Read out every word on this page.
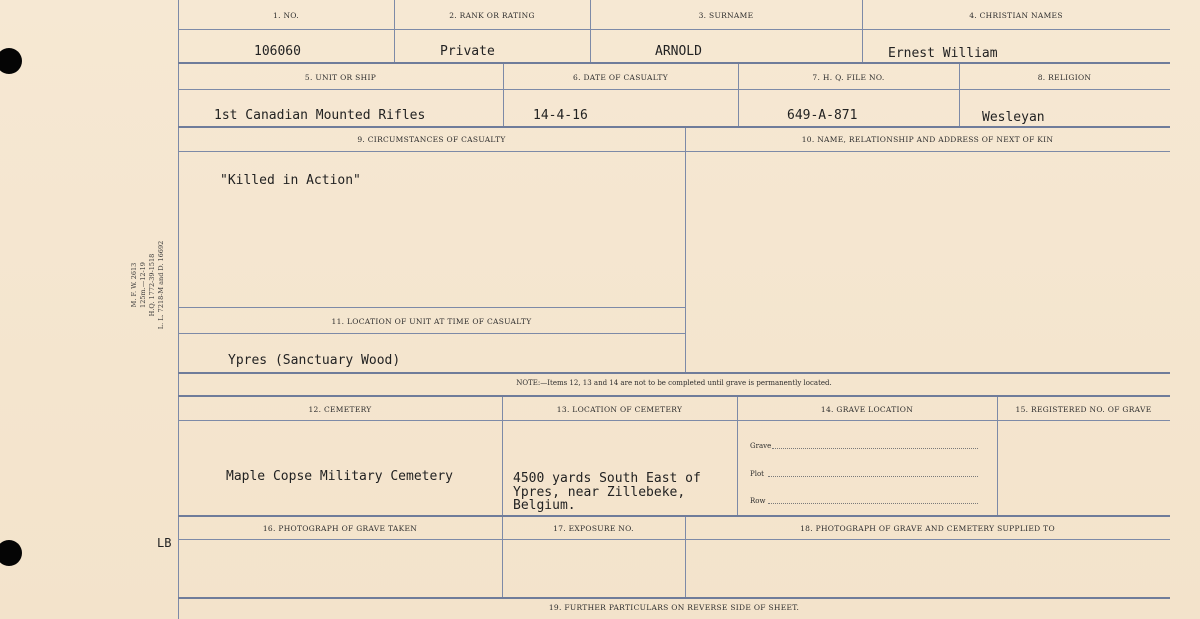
M. F. W. 2613 125m.—12-19 H.Q. 1772-39-1518 L. L. 7218-M and D. 16692
LB
1. NO.	2. RANK OR RATING	3. SURNAME	4. CHRISTIAN NAMES
106060	Private	ARNOLD	Ernest William
5. UNIT OR SHIP	6. DATE OF CASUALTY	7. H. Q. FILE NO.	8. RELIGION
1st Canadian Mounted Rifles	14-4-16	649-A-871	Wesleyan
9. CIRCUMSTANCES OF CASUALTY	10. NAME, RELATIONSHIP AND ADDRESS OF NEXT OF KIN
"Killed in Action"
11. LOCATION OF UNIT AT TIME OF CASUALTY
Ypres (Sanctuary Wood)
NOTE:—Items 12, 13 and 14 are not to be completed until grave is permanently located.
12. CEMETERY	13. LOCATION OF CEMETERY	14. GRAVE LOCATION	15. REGISTERED NO. OF GRAVE
Maple Copse Military Cemetery	4500 yards South East of
Ypres, near Zillebeke,
Belgium.
Grave
Plot
Row
16. PHOTOGRAPH OF GRAVE TAKEN	17. EXPOSURE NO.	18. PHOTOGRAPH OF GRAVE AND CEMETERY SUPPLIED TO
19. FURTHER PARTICULARS ON REVERSE SIDE OF SHEET.
